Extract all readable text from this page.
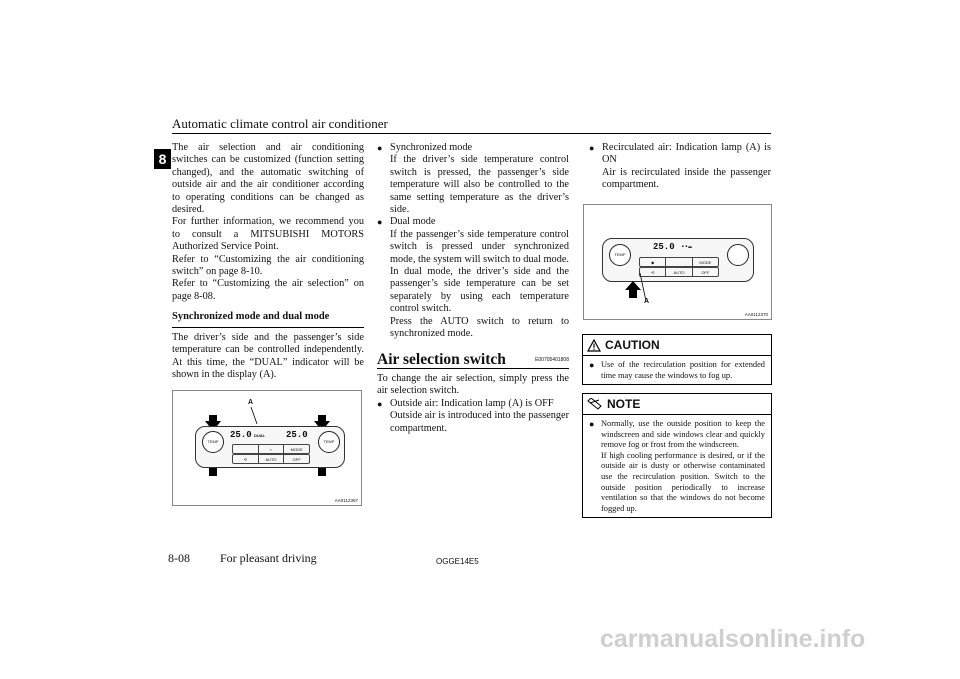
Automatic climate control air conditioner
8

The air selection and air conditioning switches can be customized (function setting changed), and the automatic switching of outside air and the air conditioner according to operating conditions can be changed as desired.

For further information, we recommend you to consult a MITSUBISHI MOTORS Authorized Service Point.

Refer to “Customizing the air conditioning switch” on page 8-10.

Refer to “Customizing the air selection” on page 8-08.

Synchronized mode and dual mode

The driver’s side and the passenger’s side temperature can be controlled independently. At this time, the “DUAL” indicator will be shown in the display (A).

A
TEMP	TEMP
25.0 DUAL 25.0
▪	MODE
⟲	AUTO	OFF
AA0112367
● Synchronized mode

If the driver’s side temperature control switch is pressed, the passenger’s side temperature will also be controlled to the same setting temperature as the driver’s side.

● Dual mode

If the passenger’s side temperature control switch is pressed under synchronized mode, the system will switch to dual mode. In dual mode, the driver’s side and the passenger’s side temperature can be set separately by using each temperature control switch.

Press the AUTO switch to return to synchronized mode.

Air selection switch	E00705401808

To change the air selection, simply press the air selection switch.

● Outside air: Indication lamp (A) is OFF

Outside air is introduced into the passenger compartment.

● Recirculated air: Indication lamp (A) is ON

Air is recirculated inside the passenger compartment.

TEMP
25.0 ▪▪▬
◆	MODE
⟲	AUTO	OFF
A
AA0112370
CAUTION
● Use of the recirculation position for extended time may cause the windows to fog up.
NOTE
● Normally, use the outside position to keep the windscreen and side windows clear and quickly remove fog or frost from the windscreen.

If high cooling performance is desired, or if the outside air is dusty or otherwise contaminated use the recirculation position. Switch to the outside position periodically to increase ventilation so that the windows do not become fogged up.

8-08	For pleasant driving	OGGE14E5
carmanualsonline.info
